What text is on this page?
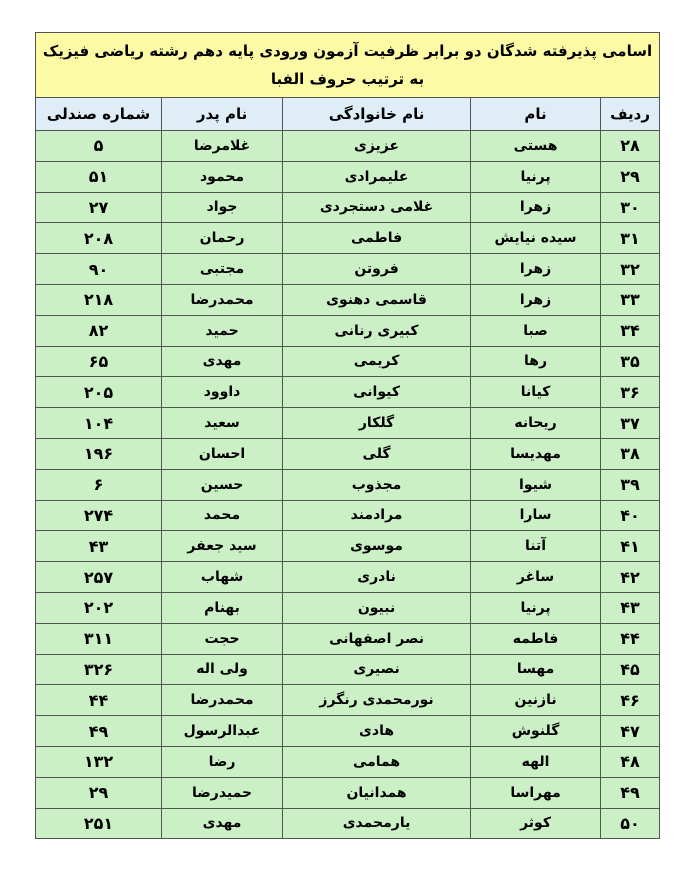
اسامی پذیرفته شدگان دو برابر ظرفیت آزمون ورودی پایه دهم رشته ریاضی فیزیک
به ترتیب حروف الفبا				

ردیف	نام	نام خانوادگی	نام پدر	شماره صندلی
۲۸	هستی	عزیزی	غلامرضا	۵
۲۹	پرنیا	علیمرادی	محمود	۵۱
۳۰	زهرا	غلامی دستجردی	جواد	۲۷
۳۱	سیده نیایش	فاطمی	رحمان	۲۰۸
۳۲	زهرا	فروتن	مجتبی	۹۰
۳۳	زهرا	قاسمی دهنوی	محمدرضا	۲۱۸
۳۴	صبا	کبیری رنانی	حمید	۸۲
۳۵	رها	کریمی	مهدی	۶۵
۳۶	کیانا	کیوانی	داوود	۲۰۵
۳۷	ریحانه	گلکار	سعید	۱۰۴
۳۸	مهدیسا	گلی	احسان	۱۹۶
۳۹	شیوا	مجذوب	حسین	۶
۴۰	سارا	مرادمند	محمد	۲۷۴
۴۱	آتنا	موسوی	سید جعفر	۴۳
۴۲	ساغر	نادری	شهاب	۲۵۷
۴۳	پرنیا	نبیون	بهنام	۲۰۲
۴۴	فاطمه	نصر اصفهانی	حجت	۳۱۱
۴۵	مهسا	نصیری	ولی اله	۳۲۶
۴۶	نازنین	نورمحمدی رنگرز	محمدرضا	۴۴
۴۷	گلنوش	هادی	عبدالرسول	۴۹
۴۸	الهه	همامی	رضا	۱۳۲
۴۹	مهراسا	همدانیان	حمیدرضا	۲۹
۵۰	کوثر	یارمحمدی	مهدی	۲۵۱
